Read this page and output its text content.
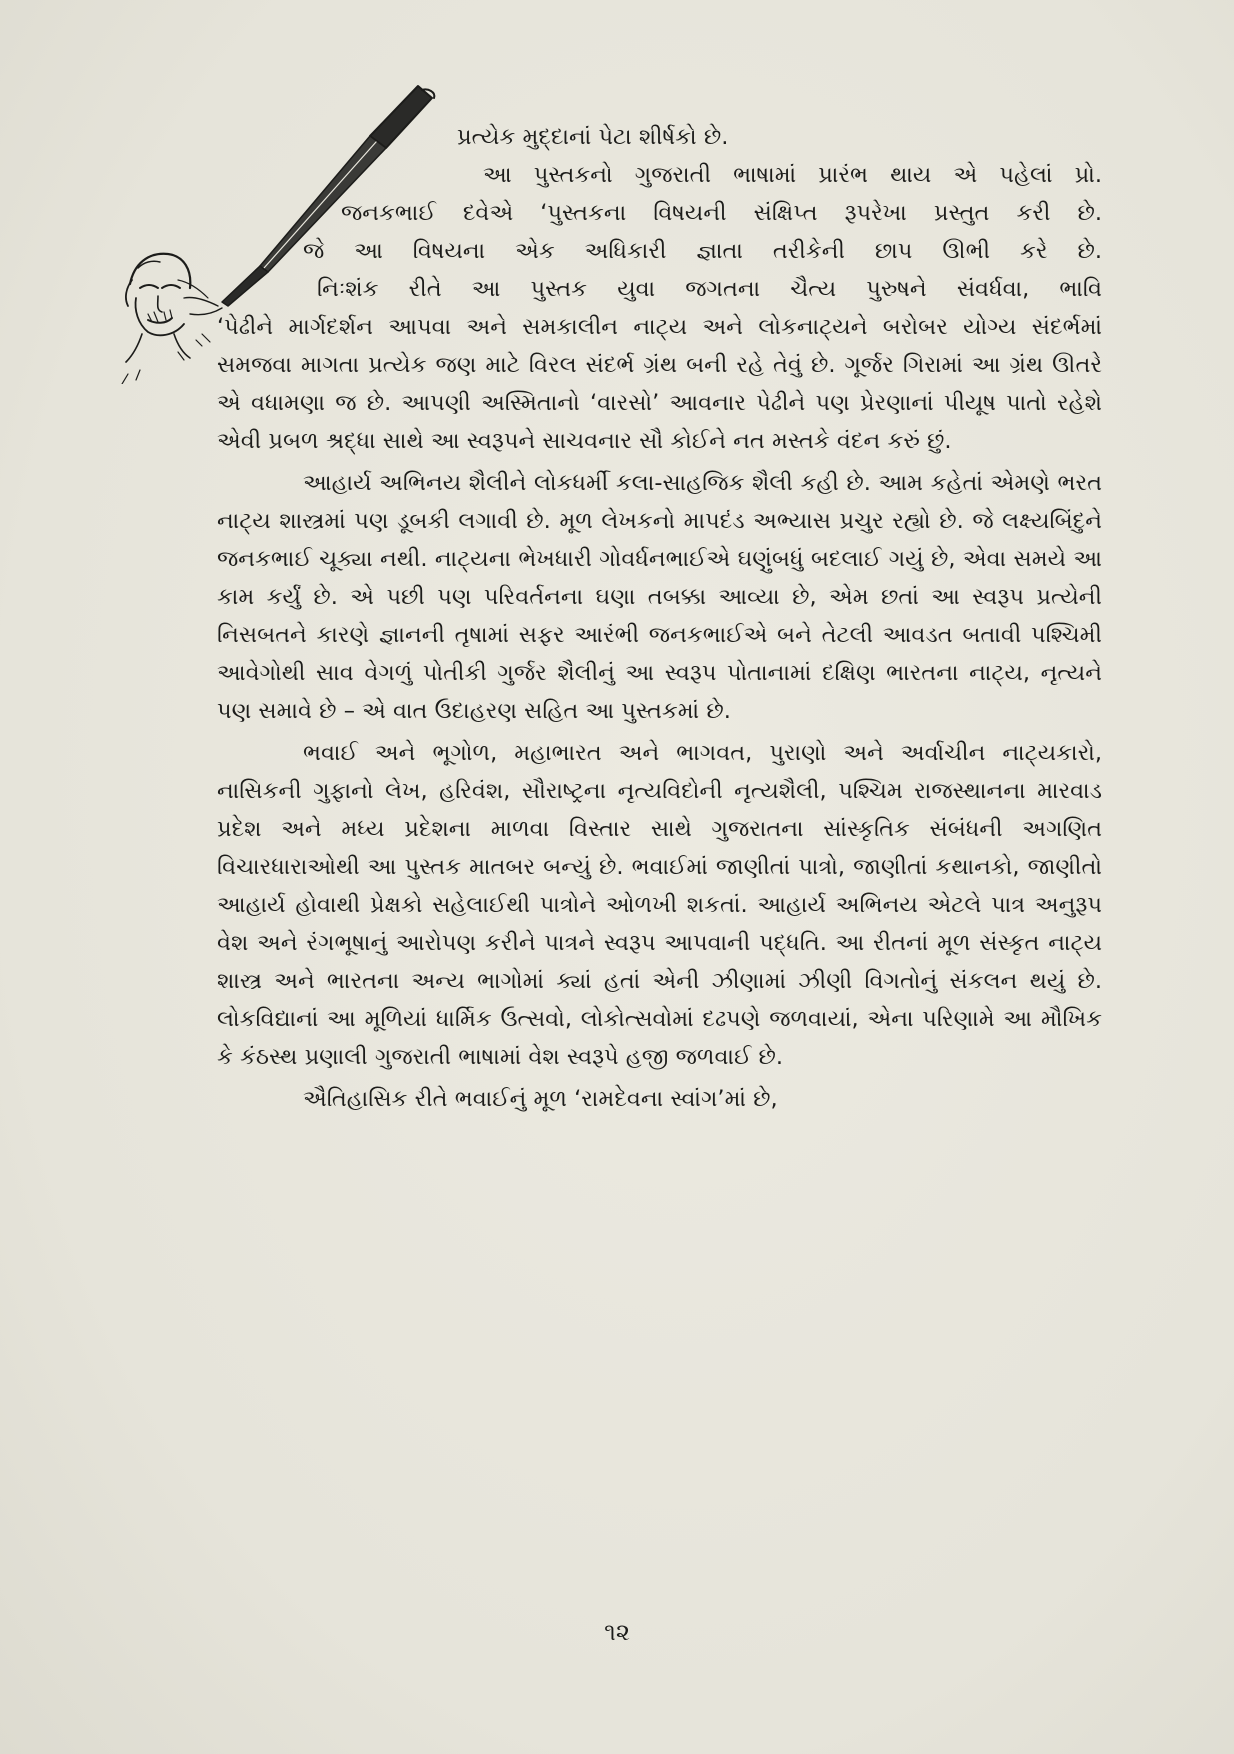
પ્રત્યેક મુદ્દાનાં પેટા શીર્ષકો છે.
આ પુસ્તકનો ગુજરાતી ભાષામાં પ્રારંભ થાય એ પહેલાં પ્રો.
જનકભાઈ દવેએ ‘પુસ્તકના વિષયની સંક્ષિપ્ત રૂપરેખા પ્રસ્તુત કરી છે.
જે આ વિષયના એક અધિકારી જ્ઞાતા તરીકેની છાપ ઊભી કરે છે.
નિઃશંક રીતે આ પુસ્તક યુવા જગતના ચૈત્ય પુરુષને સંવર્ધવા, ભાવિ
‘પેઢીને માર્ગદર્શન આપવા અને સમકાલીન નાટ્ય અને લોકનાટ્યને બરોબર યોગ્ય સંદર્ભમાં સમજવા માગતા પ્રત્યેક જણ માટે વિરલ સંદર્ભ ગ્રંથ બની રહે તેવું છે. ગૂર્જર ગિરામાં આ ગ્રંથ ઊતરે એ વધામણા જ છે. આપણી અસ્મિતાનો ‘વારસો’ આવનાર પેઢીને પણ પ્રેરણાનાં પીયૂષ પાતો રહેશે એવી પ્રબળ શ્રદ્ધા સાથે આ સ્વરૂપને સાચવનાર સૌ કોઈને નત મસ્તકે વંદન કરું છું.

આહાર્ય અભિનય શૈલીને લોકધર્મી કલા-સાહજિક શૈલી કહી છે. આમ કહેતાં એમણે ભરત નાટ્ય શાસ્ત્રમાં પણ ડૂબકી લગાવી છે. મૂળ લેખકનો માપદંડ અભ્યાસ પ્રચુર રહ્યો છે. જે લક્ષ્યબિંદુને જનકભાઈ ચૂક્યા નથી. નાટ્યના ભેખધારી ગોવર્ધનભાઈએ ઘણુંબધું બદલાઈ ગયું છે, એવા સમયે આ કામ કર્યું છે. એ પછી પણ પરિવર્તનના ઘણા તબક્કા આવ્યા છે, એમ છતાં આ સ્વરૂપ પ્રત્યેની નિસબતને કારણે જ્ઞાનની તૃષામાં સફર આરંભી જનકભાઈએ બને તેટલી આવડત બતાવી પશ્ચિમી આવેગોથી સાવ વેગળું પોતીકી ગુર્જર શૈલીનું આ સ્વરૂપ પોતાનામાં દક્ષિણ ભારતના નાટ્ય, નૃત્યને પણ સમાવે છે – એ વાત ઉદાહરણ સહિત આ પુસ્તકમાં છે.

ભવાઈ અને ભૂગોળ, મહાભારત અને ભાગવત, પુરાણો અને અર્વાચીન નાટ્યકારો, નાસિકની ગુફાનો લેખ, હરિવંશ, સૌરાષ્ટ્રના નૃત્યવિદોની નૃત્યશૈલી, પશ્ચિમ રાજસ્થાનના મારવાડ પ્રદેશ અને મધ્ય પ્રદેશના માળવા વિસ્તાર સાથે ગુજરાતના સાંસ્કૃતિક સંબંધની અગણિત વિચારધારાઓથી આ પુસ્તક માતબર બન્યું છે. ભવાઈમાં જાણીતાં પાત્રો, જાણીતાં કથાનકો, જાણીતો આહાર્ય હોવાથી પ્રેક્ષકો સહેલાઈથી પાત્રોને ઓળખી શકતાં. આહાર્ય અભિનય એટલે પાત્ર અનુરૂપ વેશ અને રંગભૂષાનું આરોપણ કરીને પાત્રને સ્વરૂપ આપવાની પદ્ધતિ. આ રીતનાં મૂળ સંસ્કૃત નાટ્ય શાસ્ત્ર અને ભારતના અન્ય ભાગોમાં ક્યાં હતાં એની ઝીણામાં ઝીણી વિગતોનું સંકલન થયું છે. લોકવિદ્યાનાં આ મૂળિયાં ધાર્મિક ઉત્સવો, લોકોત્સવોમાં દઢપણે જળવાયાં, એના પરિણામે આ મૌખિક કે કંઠસ્થ પ્રણાલી ગુજરાતી ભાષામાં વેશ સ્વરૂપે હજી જળવાઈ છે.

ઐતિહાસિક રીતે ભવાઈનું મૂળ ‘રામદેવના સ્વાંગ’માં છે,

૧૨
